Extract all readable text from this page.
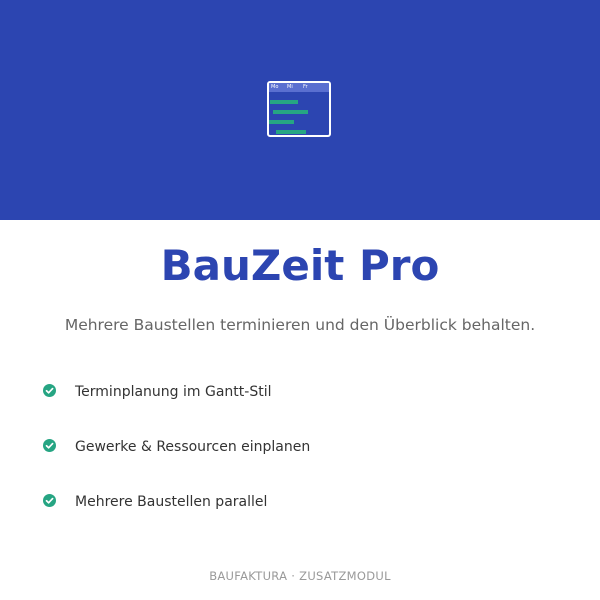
Mo Mi Fr
BauZeit Pro

Mehrere Baustellen terminieren und den Überblick behalten.

Terminplanung im Gantt-Stil
Gewerke & Ressourcen einplanen
Mehrere Baustellen parallel
BAUFAKTURA · ZUSATZMODUL
